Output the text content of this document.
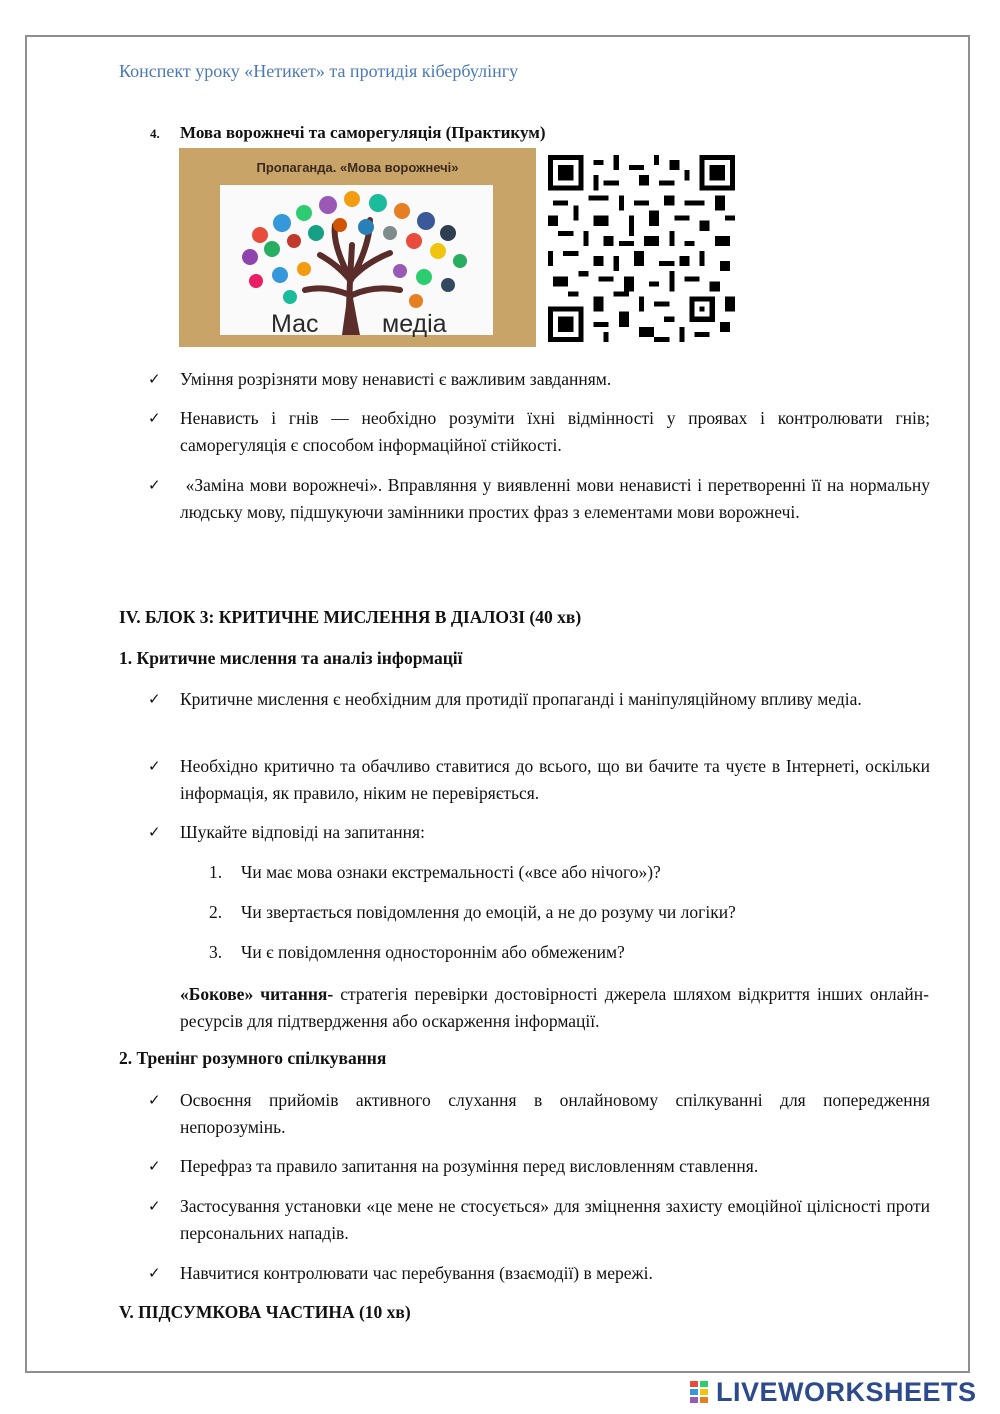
Конспект уроку «Нетикет» та протидія кібербулінгу
4. Мова ворожнечі та саморегуляція (Практикум)
Пропаганда. «Мова ворожнечі»
Мас	медіа
✓	Уміння розрізняти мову ненависті є важливим завданням.
✓	Ненависть і гнів — необхідно розуміти їхні відмінності у проявах і контролювати гнів; саморегуляція є способом інформаційної стійкості.
✓	«Заміна мови ворожнечі». Вправляння у виявленні мови ненависті і перетворенні її на нормальну людську мову, підшукуючи замінники простих фраз з елементами мови ворожнечі.
IV. БЛОК 3: КРИТИЧНЕ МИСЛЕННЯ В ДІАЛОЗІ (40 хв)
1. Критичне мислення та аналіз інформації
✓	Критичне мислення є необхідним для протидії пропаганді і маніпуляційному впливу медіа.
✓	Необхідно критично та обачливо ставитися до всього, що ви бачите та чуєте в Інтернеті, оскільки інформація, як правило, ніким не перевіряється.
✓	Шукайте відповіді на запитання:
1. Чи має мова ознаки екстремальності («все або нічого»)?
2. Чи звертається повідомлення до емоцій, а не до розуму чи логіки?
3. Чи є повідомлення одностороннім або обмеженим?
«Бокове» читання- стратегія перевірки достовірності джерела шляхом відкриття інших онлайн-ресурсів для підтвердження або оскарження інформації.
2. Тренінг розумного спілкування
✓	Освоєння прийомів активного слухання в онлайновому спілкуванні для попередження непорозумінь.
✓	Перефраз та правило запитання на розуміння перед висловленням ставлення.
✓	Застосування установки «це мене не стосується» для зміцнення захисту емоційної цілісності проти персональних нападів.
✓	Навчитися контролювати час перебування (взаємодії) в мережі.
V. ПІДСУМКОВА ЧАСТИНА (10 хв)
LIVEWORKSHEETS
